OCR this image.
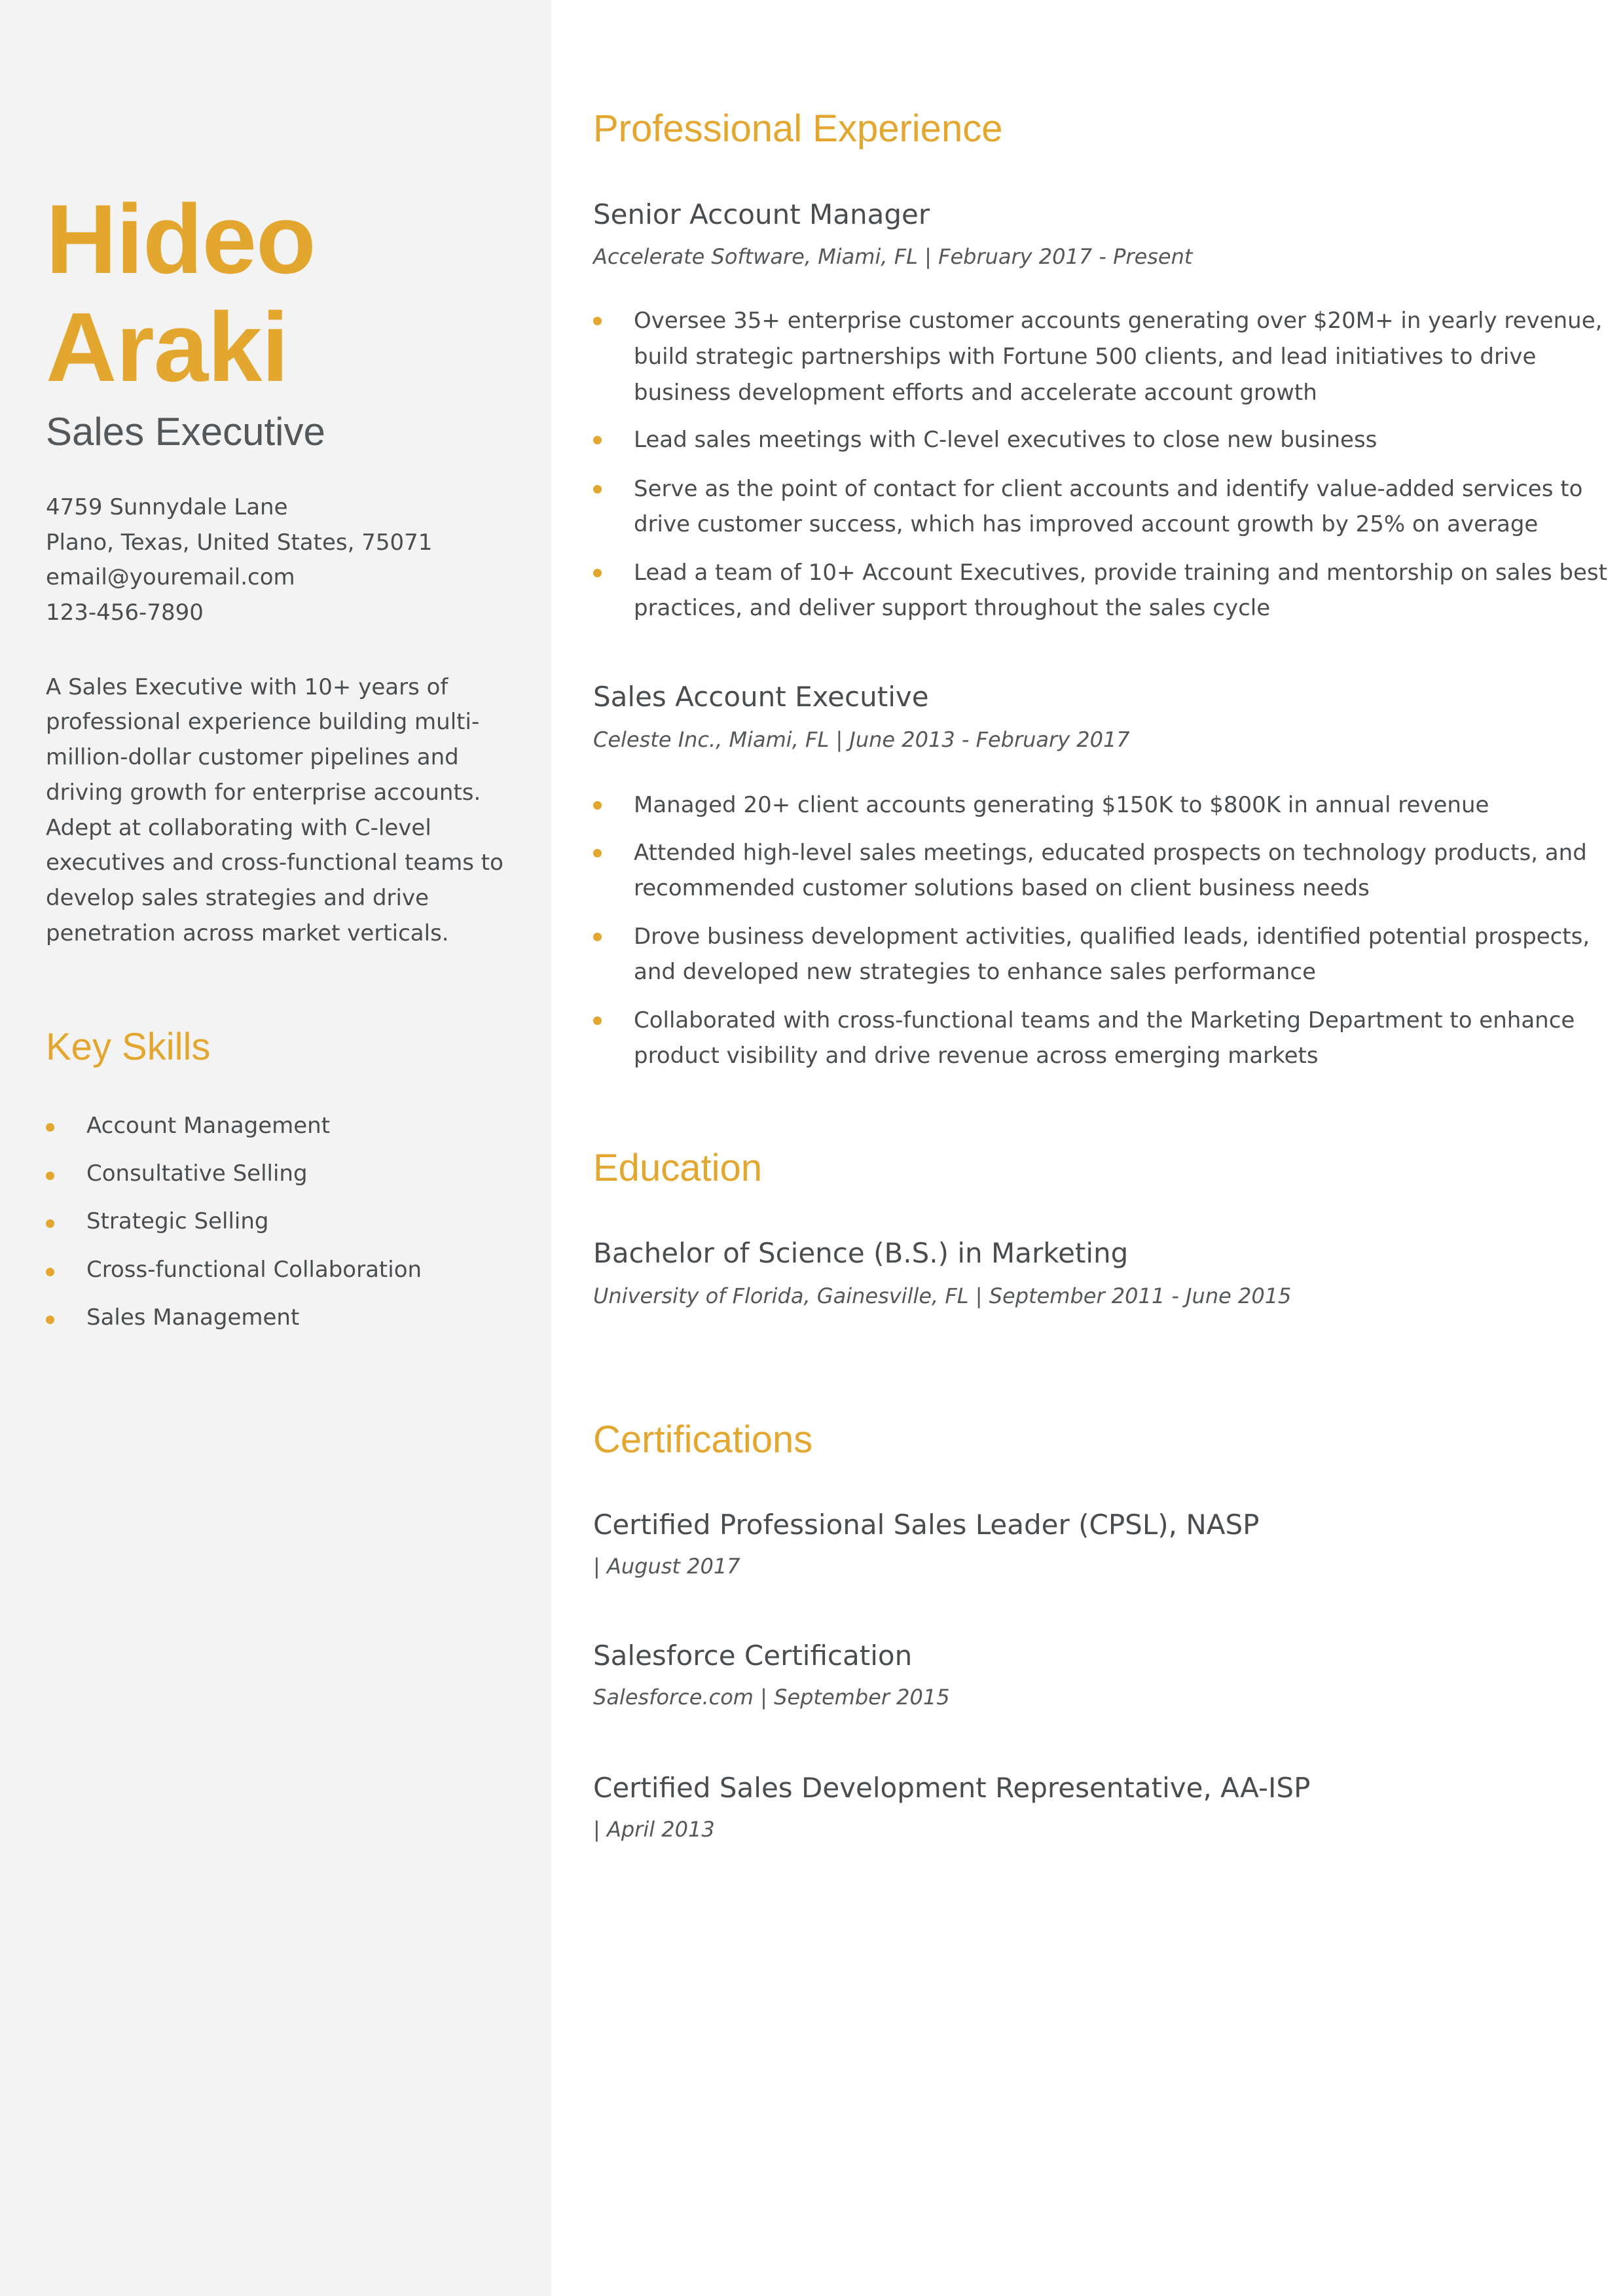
Hideo
Araki
Sales Executive
4759 Sunnydale Lane
Plano, Texas, United States, 75071
email@youremail.com
123-456-7890
A Sales Executive with 10+ years of
professional experience building multi-
million-dollar customer pipelines and
driving growth for enterprise accounts.
Adept at collaborating with C-level
executives and cross-functional teams to
develop sales strategies and drive
penetration across market verticals.
Key Skills
Account Management
Consultative Selling
Strategic Selling
Cross-functional Collaboration
Sales Management
Professional Experience
Senior Account Manager
Accelerate Software, Miami, FL | February 2017 - Present
Oversee 35+ enterprise customer accounts generating over $20M+ in yearly revenue,
build strategic partnerships with Fortune 500 clients, and lead initiatives to drive
business development efforts and accelerate account growth
Lead sales meetings with C-level executives to close new business
Serve as the point of contact for client accounts and identify value-added services to
drive customer success, which has improved account growth by 25% on average
Lead a team of 10+ Account Executives, provide training and mentorship on sales best
practices, and deliver support throughout the sales cycle
Sales Account Executive
Celeste Inc., Miami, FL | June 2013 - February 2017
Managed 20+ client accounts generating $150K to $800K in annual revenue
Attended high-level sales meetings, educated prospects on technology products, and
recommended customer solutions based on client business needs
Drove business development activities, qualified leads, identified potential prospects,
and developed new strategies to enhance sales performance
Collaborated with cross-functional teams and the Marketing Department to enhance
product visibility and drive revenue across emerging markets
Education
Bachelor of Science (B.S.) in Marketing
University of Florida, Gainesville, FL | September 2011 - June 2015
Certifications
Certified Professional Sales Leader (CPSL), NASP
| August 2017
Salesforce Certification
Salesforce.com | September 2015
Certified Sales Development Representative, AA-ISP
| April 2013
